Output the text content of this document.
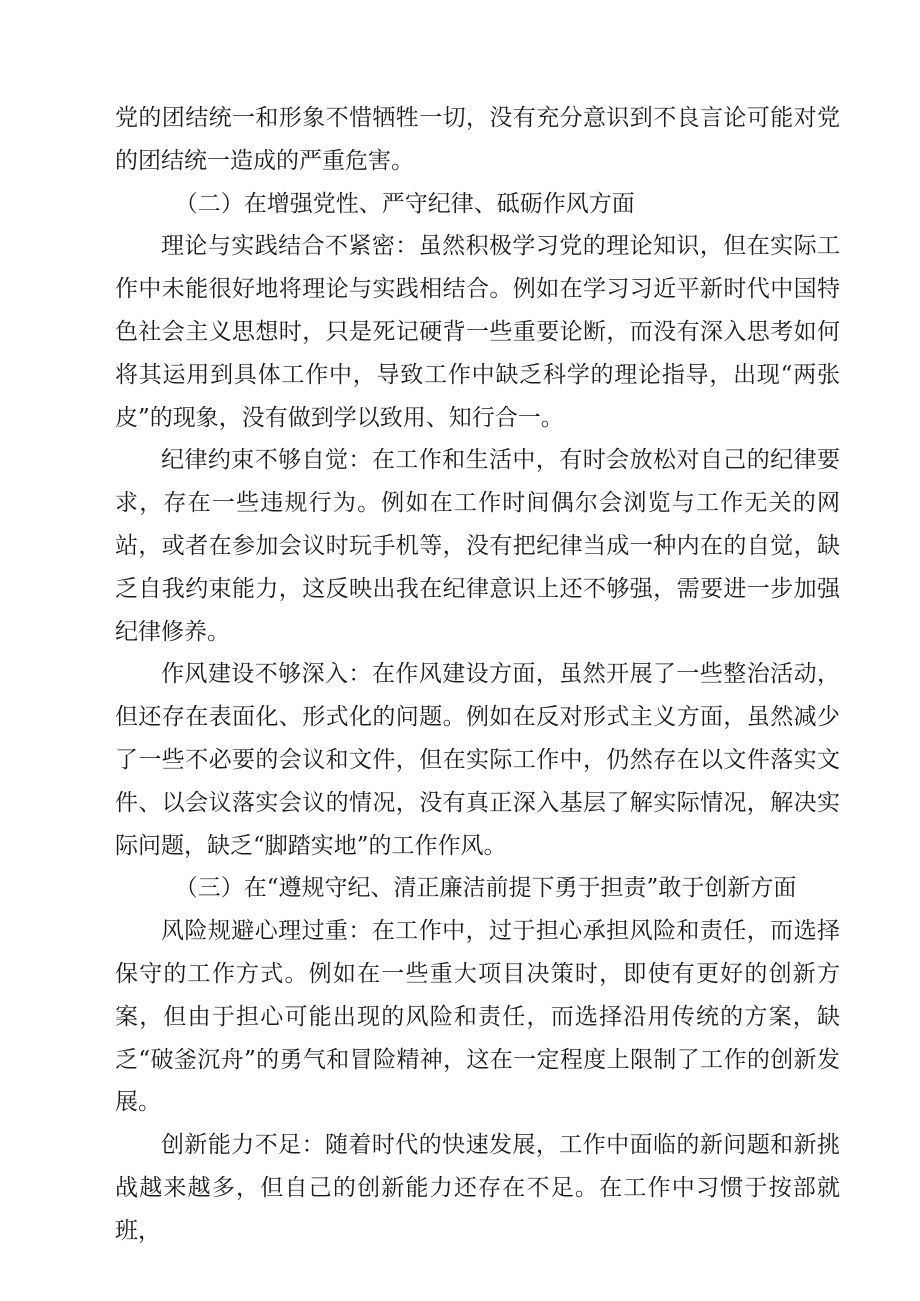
党的团结统一和形象不惜牺牲一切，没有充分意识到不良言论可能对党的团结统一造成的严重危害。

（二）在增强党性、严守纪律、砥砺作风方面

理论与实践结合不紧密：虽然积极学习党的理论知识，但在实际工作中未能很好地将理论与实践相结合。例如在学习习近平新时代中国特色社会主义思想时，只是死记硬背一些重要论断，而没有深入思考如何将其运用到具体工作中，导致工作中缺乏科学的理论指导，出现“两张皮”的现象，没有做到学以致用、知行合一。

纪律约束不够自觉：在工作和生活中，有时会放松对自己的纪律要求，存在一些违规行为。例如在工作时间偶尔会浏览与工作无关的网站，或者在参加会议时玩手机等，没有把纪律当成一种内在的自觉，缺乏自我约束能力，这反映出我在纪律意识上还不够强，需要进一步加强纪律修养。

作风建设不够深入：在作风建设方面，虽然开展了一些整治活动，但还存在表面化、形式化的问题。例如在反对形式主义方面，虽然减少了一些不必要的会议和文件，但在实际工作中，仍然存在以文件落实文件、以会议落实会议的情况，没有真正深入基层了解实际情况，解决实际问题，缺乏“脚踏实地”的工作作风。

（三）在“遵规守纪、清正廉洁前提下勇于担责”敢于创新方面

风险规避心理过重：在工作中，过于担心承担风险和责任，而选择保守的工作方式。例如在一些重大项目决策时，即使有更好的创新方案，但由于担心可能出现的风险和责任，而选择沿用传统的方案，缺乏“破釜沉舟”的勇气和冒险精神，这在一定程度上限制了工作的创新发展。

创新能力不足：随着时代的快速发展，工作中面临的新问题和新挑战越来越多，但自己的创新能力还存在不足。在工作中习惯于按部就班，
